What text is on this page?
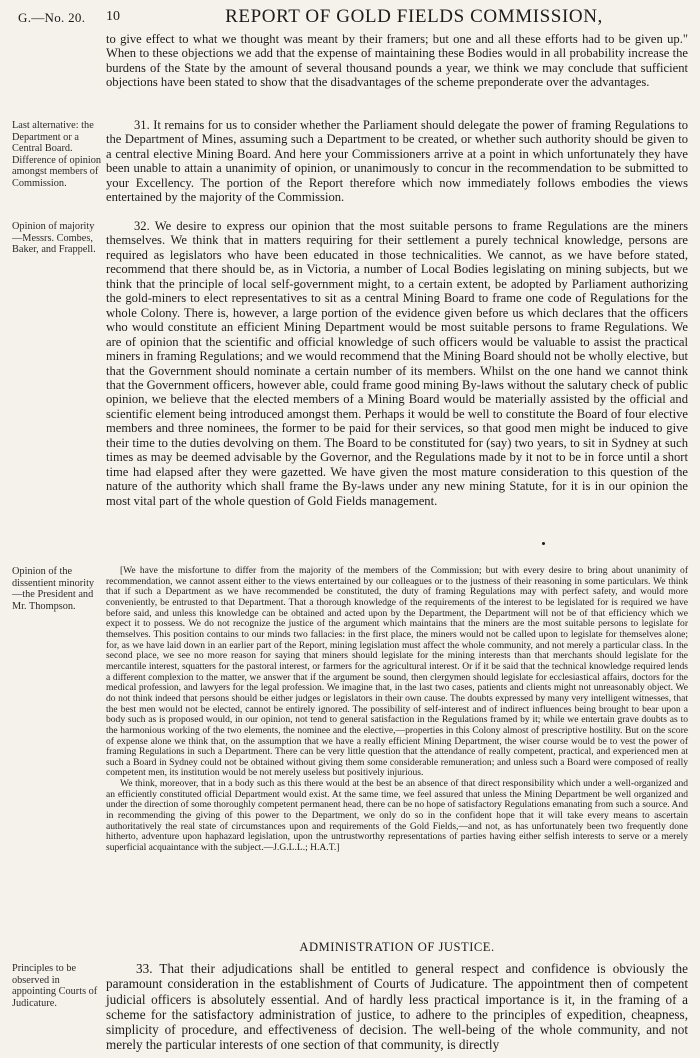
G.—No. 20. 10	REPORT OF GOLD FIELDS COMMISSION,

to give effect to what we thought was meant by their framers; but one and all these efforts had to be given up." When to these objections we add that the expense of maintaining these Bodies would in all probability increase the burdens of the State by the amount of several thousand pounds a year, we think we may conclude that sufficient objections have been stated to show that the disadvantages of the scheme preponderate over the advantages.

Last alternative: the Department or a Central Board. Difference of opinion amongst members of Commission.

31. It remains for us to consider whether the Parliament should delegate the power of framing Regulations to the Department of Mines, assuming such a Department to be created, or whether such authority should be given to a central elective Mining Board. And here your Commissioners arrive at a point in which unfortunately they have been unable to attain a unanimity of opinion, or unanimously to concur in the recommendation to be submitted to your Excellency. The portion of the Report therefore which now immediately follows embodies the views entertained by the majority of the Commission.

Opinion of majority—Messrs. Combes, Baker, and Frappell.

32. We desire to express our opinion that the most suitable persons to frame Regulations are the miners themselves. We think that in matters requiring for their settlement a purely technical knowledge, persons are required as legislators who have been educated in those technicalities. We cannot, as we have before stated, recommend that there should be, as in Victoria, a number of Local Bodies legislating on mining subjects, but we think that the principle of local self-government might, to a certain extent, be adopted by Parliament authorizing the gold-miners to elect representatives to sit as a central Mining Board to frame one code of Regulations for the whole Colony. There is, however, a large portion of the evidence given before us which declares that the officers who would constitute an efficient Mining Department would be most suitable persons to frame Regulations. We are of opinion that the scientific and official knowledge of such officers would be valuable to assist the practical miners in framing Regulations; and we would recommend that the Mining Board should not be wholly elective, but that the Government should nominate a certain number of its members. Whilst on the one hand we cannot think that the Government officers, however able, could frame good mining By-laws without the salutary check of public opinion, we believe that the elected members of a Mining Board would be materially assisted by the official and scientific element being introduced amongst them. Perhaps it would be well to constitute the Board of four elective members and three nominees, the former to be paid for their services, so that good men might be induced to give their time to the duties devolving on them. The Board to be constituted for (say) two years, to sit in Sydney at such times as may be deemed advisable by the Governor, and the Regulations made by it not to be in force until a short time had elapsed after they were gazetted. We have given the most mature consideration to this question of the nature of the authority which shall frame the By-laws under any new mining Statute, for it is in our opinion the most vital part of the whole question of Gold Fields management.

Opinion of the dissentient minority—the President and Mr. Thompson.

[We have the misfortune to differ from the majority of the members of the Commission; but with every desire to bring about unanimity of recommendation, we cannot assent either to the views entertained by our colleagues or to the justness of their reasoning in some particulars. We think that if such a Department as we have recommended be constituted, the duty of framing Regulations may with perfect safety, and would more conveniently, be entrusted to that Department. That a thorough knowledge of the requirements of the interest to be legislated for is required we have before said, and unless this knowledge can be obtained and acted upon by the Department, the Department will not be of that efficiency which we expect it to possess. We do not recognize the justice of the argument which maintains that the miners are the most suitable persons to legislate for themselves. This position contains to our minds two fallacies: in the first place, the miners would not be called upon to legislate for themselves alone; for, as we have laid down in an earlier part of the Report, mining legislation must affect the whole community, and not merely a particular class. In the second place, we see no more reason for saying that miners should legislate for the mining interests than that merchants should legislate for the mercantile interest, squatters for the pastoral interest, or farmers for the agricultural interest. Or if it be said that the technical knowledge required lends a different complexion to the matter, we answer that if the argument be sound, then clergymen should legislate for ecclesiastical affairs, doctors for the medical profession, and lawyers for the legal profession. We imagine that, in the last two cases, patients and clients might not unreasonably object. We do not think indeed that persons should be either judges or legislators in their own cause. The doubts expressed by many very intelligent witnesses, that the best men would not be elected, cannot be entirely ignored. The possibility of self-interest and of indirect influences being brought to bear upon a body such as is proposed would, in our opinion, not tend to general satisfaction in the Regulations framed by it; while we entertain grave doubts as to the harmonious working of the two elements, the nominee and the elective,—properties in this Colony almost of prescriptive hostility. But on the score of expense alone we think that, on the assumption that we have a really efficient Mining Department, the wiser course would be to vest the power of framing Regulations in such a Department. There can be very little question that the attendance of really competent, practical, and experienced men at such a Board in Sydney could not be obtained without giving them some considerable remuneration; and unless such a Board were composed of really competent men, its institution would be not merely useless but positively injurious.

We think, moreover, that in a body such as this there would at the best be an absence of that direct responsibility which under a well-organized and an efficiently constituted official Department would exist. At the same time, we feel assured that unless the Mining Department be well organized and under the direction of some thoroughly competent permanent head, there can be no hope of satisfactory Regulations emanating from such a source. And in recommending the giving of this power to the Department, we only do so in the confident hope that it will take every means to ascertain authoritatively the real state of circumstances upon and requirements of the Gold Fields,—and not, as has unfortunately been two frequently done hitherto, adventure upon haphazard legislation, upon the untrustworthy representations of parties having either selfish interests to serve or a merely superficial acquaintance with the subject.—J.G.L.L.; H.A.T.]

ADMINISTRATION OF JUSTICE.
Principles to be observed in appointing Courts of Judicature.

33. That their adjudications shall be entitled to general respect and confidence is obviously the paramount consideration in the establishment of Courts of Judicature. The appointment then of competent judicial officers is absolutely essential. And of hardly less practical importance is it, in the framing of a scheme for the satisfactory administration of justice, to adhere to the principles of expedition, cheapness, simplicity of procedure, and effectiveness of decision. The well-being of the whole community, and not merely the particular interests of one section of that community, is directly
